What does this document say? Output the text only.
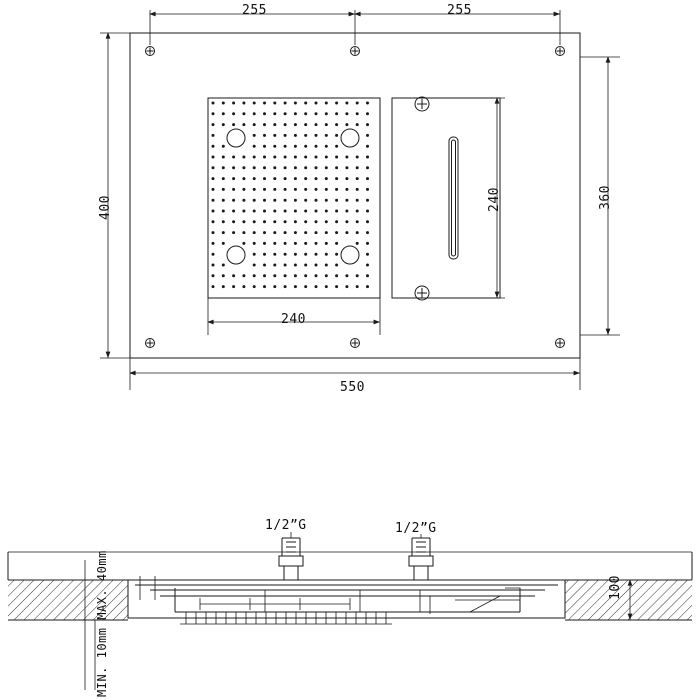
255	255
400	360
240
240
550
1/2”G	1/2”G
100
MIN. 10mm MAX. 40mm
